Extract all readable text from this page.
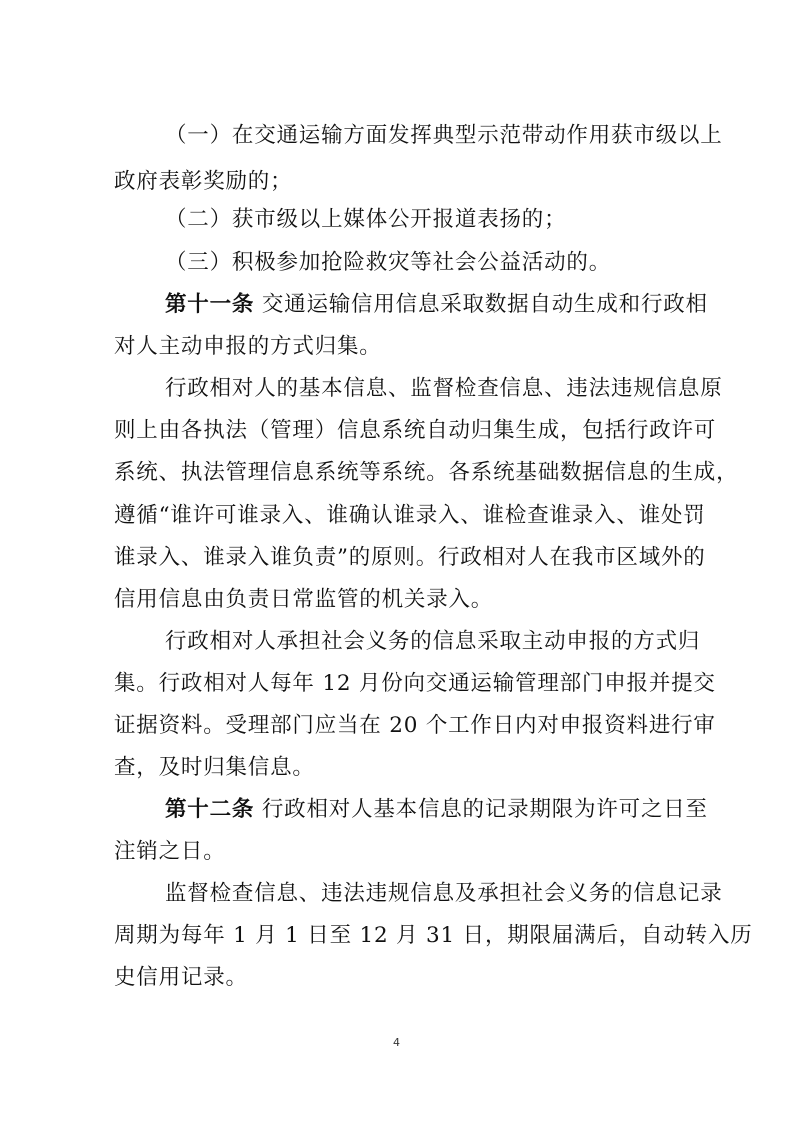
（一）在交通运输方面发挥典型示范带动作用获市级以上
政府表彰奖励的；
（二）获市级以上媒体公开报道表扬的；
（三）积极参加抢险救灾等社会公益活动的。
第十一条 交通运输信用信息采取数据自动生成和行政相
对人主动申报的方式归集。
行政相对人的基本信息、监督检查信息、违法违规信息原
则上由各执法（管理）信息系统自动归集生成，包括行政许可
系统、执法管理信息系统等系统。各系统基础数据信息的生成，
遵循“谁许可谁录入、谁确认谁录入、谁检查谁录入、谁处罚
谁录入、谁录入谁负责”的原则。行政相对人在我市区域外的
信用信息由负责日常监管的机关录入。
行政相对人承担社会义务的信息采取主动申报的方式归
集。行政相对人每年 12 月份向交通运输管理部门申报并提交
证据资料。受理部门应当在 20 个工作日内对申报资料进行审
查，及时归集信息。
第十二条 行政相对人基本信息的记录期限为许可之日至
注销之日。
监督检查信息、违法违规信息及承担社会义务的信息记录
周期为每年 1 月 1 日至 12 月 31 日，期限届满后，自动转入历
史信用记录。
4
